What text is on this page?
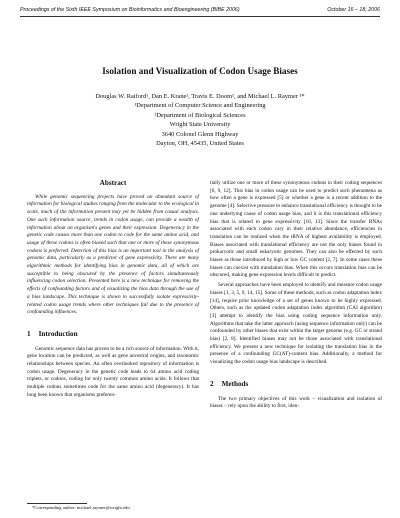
Proceedings of the Sixth IEEE Symposium on Bioinformatics and Bioengineering (BIBE 2006)	October 16 – 18, 2006
Isolation and Visualization of Codon Usage Biases
Douglas W. Raiford¹, Dan E. Krane², Travis E. Doom¹, and Michael L. Raymer ¹*
¹Department of Computer Science and Engineering
²Department of Biological Sciences
Wright State University
3640 Colonel Glenn Highway
Dayton, OH, 45435, United States
Abstract

While genomic sequencing projects have proved an abundant source of information for biological studies ranging from the molecular to the ecological in scale, much of the information present may yet be hidden from casual analysis. One such information source, trends in codon usage, can provide a wealth of information about an organism's genes and their expression. Degeneracy in the genetic code causes more than one codon to code for the same amino acid, and usage of these codons is often biased such that one or more of these synonymous codons is preferred. Detection of this bias is an important tool in the analysis of genomic data, particularly as a predictor of gene expressivity. There are many algorithmic methods for identifying bias in genomic data, all of which are susceptible to being obscured by the presence of factors simultaneously influencing codon selection. Presented here is a new technique for removing the effects of confounding factors and of visualizing the bias data through the use of a bias landscape. This technique is shown to successfully isolate expressivity-related codon usage trends where other techniques fail due to the presence of confounding influences.

1 Introduction

Genomic sequence data has proven to be a rich source of information. With it, gene location can be predicted, as well as gene ancestral origins, and taxonomic relationships between species. An often overlooked repository of information is codon usage. Degeneracy in the genetic code leads to 64 amino acid coding triplets, or codons, coding for only twenty common amino acids. It follows that multiple codons sometimes code for the same amino acid (degeneracy). It has long been known that organisms preferen-

tially utilize one or more of these synonymous codons in their coding sequences [6, 9, 12]. This bias in codon usage can be used to predict such phenomena as how often a gene is expressed [5] or whether a gene is a recent addition to the genome [4]. Selective pressure to enhance translational efficiency is thought to be one underlying cause of codon usage bias, and it is this translational efficiency bias that is related to gene expressivity [10, 13]. Since the transfer RNAs associated with each codon vary in their relative abundance, efficiencies in translation can be realized when the tRNA of highest availability is employed. Biases associated with translational efficiency are not the only biases found in prokaryotic and small eukaryotic genomes. They can also be effected by such biases as those introduced by high or low GC content [2, 7]. In some cases these biases can coexist with translation bias. When this occurs translation bias can be obscured, making gene expression levels difficult to predict.

Several approaches have been employed to identify and measure codon usage biases [1, 3, 5, 9, 14, 15]. Some of these methods, such as codon adaptation index [14], require prior knowledge of a set of genes known to be highly expressed. Others, such as the updated codon adaptation index algorithm (CAI algorithm) [3] attempt to identify the bias using coding sequence information only. Algorithms that take the latter approach (using sequence information only) can be confounded by other biases that exist within the target genome (e.g. GC or strand bias) [2, 8]. Identified biases may not be those associated with translational efficiency. We present a new technique for isolating the translation bias in the presence of a confounding GC(AT)-content bias. Additionally, a method for visualizing the codon usage bias landscape is described.

2 Methods

The two primary objectives of this work – visualization and isolation of biases – rely upon the ability to first, iden-

*Corresponding author: michael.raymer@wright.edu
